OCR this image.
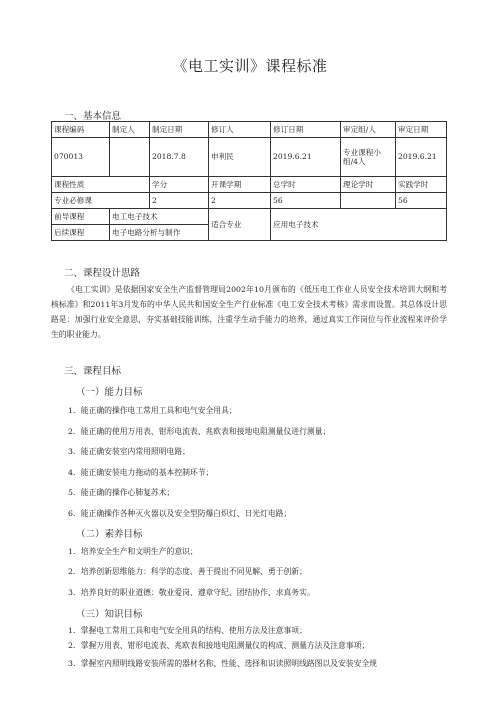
《电工实训》课程标准
一、基本信息
课程编码	制定人	制定日期	修订人	修订日期	审定组/人	审定日期
070013		2018.7.8	申利民	2019.6.21	专业课程小组/4人	2019.6.21
课程性质		学分	开课学期	总学时	理论学时	实践学时
专业必修课		2	2	56		56
前导课程	电工电子技术		适合专业	应用电子技术		
后续课程	电子电路分析与制作					
二、课程设计思路
《电工实训》是依据国家安全生产监督管理局2002年10月颁布的《低压电工作业人员安全技术培训大纲和考核标准》和2011年3月发布的中华人民共和国安全生产行业标准《电工安全技术考核》需求而设置。其总体设计思路是：加强行业安全意思，夯实基础技能训练，注重学生动手能力的培养，通过真实工作岗位与作业流程来评价学生的职业能力。
三、课程目标
（一）能力目标
1．能正确的操作电工常用工具和电气安全用具；
2．能正确的使用万用表、钳形电流表、兆欧表和接地电阻测量仪进行测量；
3．能正确安装室内常用照明电路；
4．能正确安装电力拖动的基本控制环节；
5．能正确的操作心肺复苏术；
6．能正确操作各种灭火器以及安全型防爆白炽灯、日光灯电路；
（二）素养目标
1．培养安全生产和文明生产的意识；
2．培养创新思维能力：科学的态度、善于提出不同见解、勇于创新；
3．培养良好的职业道德：敬业爱岗、遵章守纪、团结协作、求真务实。
（三）知识目标
1．掌握电工常用工具和电气安全用具的结构、使用方法及注意事项；
2．掌握万用表、钳形电流表、兆欧表和接地电阻测量仪的构成、测量方法及注意事项；
3．掌握室内照明线路安装所需的器材名称、性能、选择和识读照明线路图以及安装安全规
